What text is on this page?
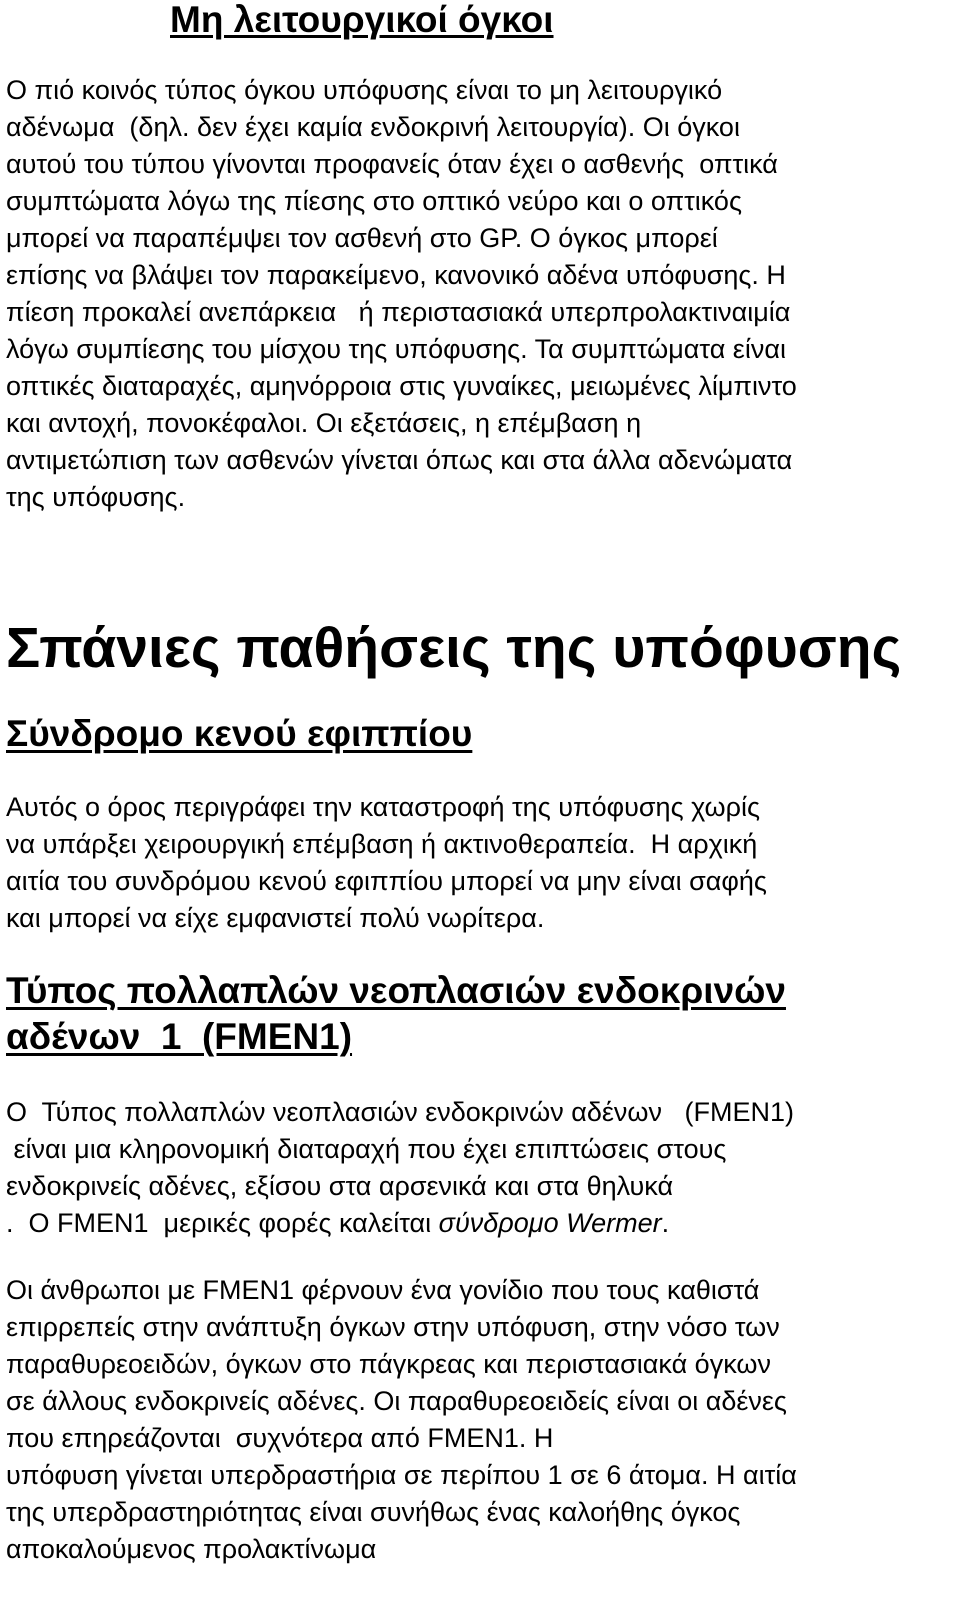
Μη λειτουργικοί όγκοι

Ο πιό κοινός τύπος όγκου υπόφυσης είναι το μη λειτουργικό
αδένωμα  (δηλ. δεν έχει καμία ενδοκρινή λειτουργία). Οι όγκοι
αυτού του τύπου γίνονται προφανείς όταν έχει ο ασθενής  οπτικά
συμπτώματα λόγω της πίεσης στο οπτικό νεύρο και ο οπτικός
μπορεί να παραπέμψει τον ασθενή στο GP. Ο όγκος μπορεί
επίσης να βλάψει τον παρακείμενο, κανονικό αδένα υπόφυσης. Η
πίεση προκαλεί ανεπάρκεια   ή περιστασιακά υπερπρολακτιναιμία
λόγω συμπίεσης του μίσχου της υπόφυσης. Τα συμπτώματα είναι
οπτικές διαταραχές, αμηνόρροια στις γυναίκες, μειωμένες λίμπιντο
και αντοχή, πονοκέφαλοι. Οι εξετάσεις, η επέμβαση η
αντιμετώπιση των ασθενών γίνεται όπως και στα άλλα αδενώματα
της υπόφυσης.

Σπάνιες παθήσεις της υπόφυσης
Σύνδρομο κενού εφιππίου

Αυτός ο όρος περιγράφει την καταστροφή της υπόφυσης χωρίς
να υπάρξει χειρουργική επέμβαση ή ακτινοθεραπεία.  Η αρχική
αιτία του συνδρόμου κενού εφιππίου μπορεί να μην είναι σαφής
και μπορεί να είχε εμφανιστεί πολύ νωρίτερα.

Τύπος πολλαπλών νεοπλασιών ενδοκρινών
αδένων  1  (FMEN1)

Ο  Τύπος πολλαπλών νεοπλασιών ενδοκρινών αδένων   (FMEN1)
είναι μια κληρονομική διαταραχή που έχει επιπτώσεις στους
ενδοκρινείς αδένες, εξίσου στα αρσενικά και στα θηλυκά
.  Ο FMEN1  μερικές φορές καλείται σύνδρομο Wermer.

Οι άνθρωποι με FMEN1 φέρνουν ένα γονίδιο που τους καθιστά
επιρρεπείς στην ανάπτυξη όγκων στην υπόφυση, στην νόσο των
παραθυρεοειδών, όγκων στο πάγκρεας και περιστασιακά όγκων
σε άλλους ενδοκρινείς αδένες. Οι παραθυρεοειδείς είναι οι αδένες
που επηρεάζονται  συχνότερα από FMEN1. Η
υπόφυση γίνεται υπερδραστήρια σε περίπου 1 σε 6 άτομα. Η αιτία
της υπερδραστηριότητας είναι συνήθως ένας καλοήθης όγκος
αποκαλούμενος προλακτίνωμα
